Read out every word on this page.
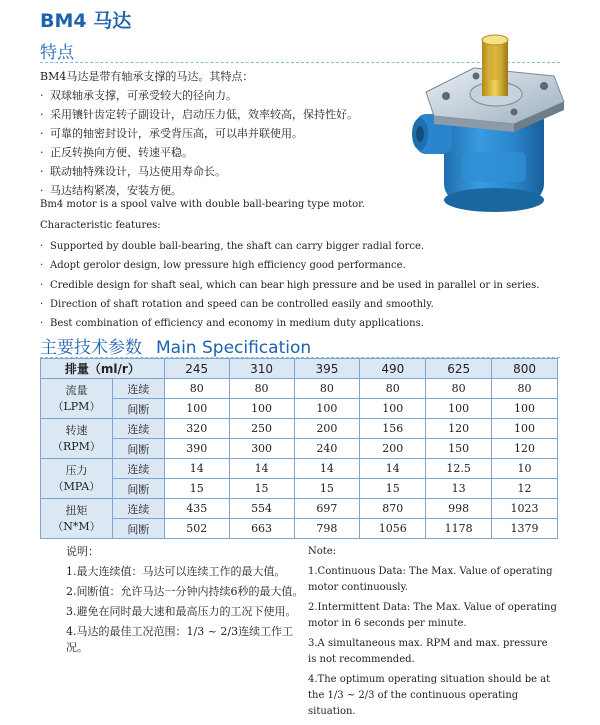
BM4 马达
特点
BM4马达是带有轴承支撑的马达。其特点：
· 双球轴承支撑，可承受较大的径向力。
· 采用镶针齿定转子副设计，启动压力低，效率较高，保持性好。
· 可靠的轴密封设计，承受背压高，可以串并联使用。
· 正反转换向方便、转速平稳。
· 联动轴特殊设计，马达使用寿命长。
· 马达结构紧凑，安装方便。
Bm4 motor is a spool valve with double ball-bearing type motor.
Characteristic features:
· Supported by double ball-bearing, the shaft can carry bigger radial force.
· Adopt gerolor design, low pressure high efficiency good performance.
· Credible design for shaft seal, which can bear high pressure and be used in parallel or in series.
· Direction of shaft rotation and speed can be controlled easily and smoothly.
· Best combination of efficiency and economy in medium duty applications.
主要技术参数 Main Specification
排量（ml/r）		245	310	395	490	625	800
流量
（LPM）	连续	80	80	80	80	80	80
	间断	100	100	100	100	100	100
转速
（RPM）	连续	320	250	200	156	120	100
	间断	390	300	240	200	150	120
压力
（MPA）	连续	14	14	14	14	12.5	10
	间断	15	15	15	15	13	12
扭矩
（N*M）	连续	435	554	697	870	998	1023
	间断	502	663	798	1056	1178	1379

说明：

1.最大连续值：马达可以连续工作的最大值。

2.间断值：允许马达一分钟内持续6秒的最大值。

3.避免在同时最大速和最高压力的工况下使用。

4.马达的最佳工况范围：1/3 ~ 2/3连续工作工况。

Note:

1.Continuous Data: The Max. Value of operating motor continuously.

2.Intermittent Data: The Max. Value of operating motor in 6 seconds per minute.

3.A simultaneous max. RPM and max. pressure is not recommended.

4.The optimum operating situation should be at the 1/3 ~ 2/3 of the continuous operating situation.
